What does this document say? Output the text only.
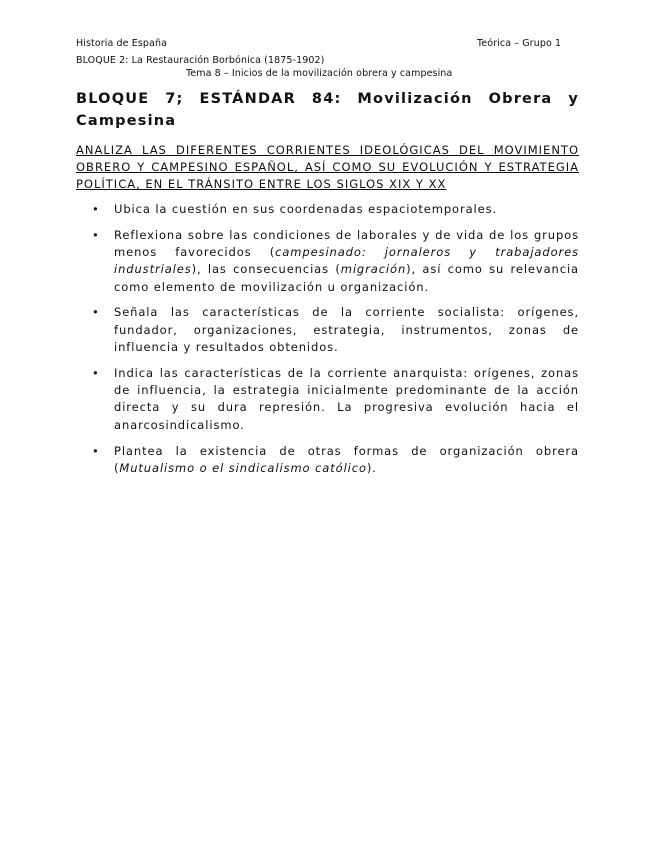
Historia de España	Teórica – Grupo 1
BLOQUE 2: La Restauración Borbónica (1875-1902)
Tema 8 – Inicios de la movilización obrera y campesina
BLOQUE 7; ESTÁNDAR 84: Movilización Obrera y Campesina
ANALIZA LAS DIFERENTES CORRIENTES IDEOLÓGICAS DEL MOVIMIENTO OBRERO Y CAMPESINO ESPAÑOL, ASÍ COMO SU EVOLUCIÓN Y ESTRATEGIA POLÍTICA, EN EL TRÁNSITO ENTRE LOS SIGLOS XIX Y XX
• Ubica la cuestión en sus coordenadas espaciotemporales.
• Reflexiona sobre las condiciones de laborales y de vida de los grupos menos favorecidos (campesinado: jornaleros y trabajadores industriales), las consecuencias (migración), así como su relevancia como elemento de movilización u organización.
• Señala las características de la corriente socialista: orígenes, fundador, organizaciones, estrategia, instrumentos, zonas de influencia y resultados obtenidos.
• Indica las características de la corriente anarquista: orígenes, zonas de influencia, la estrategia inicialmente predominante de la acción directa y su dura represión. La progresiva evolución hacia el anarcosindicalismo.
• Plantea la existencia de otras formas de organización obrera (Mutualismo o el sindicalismo católico).
